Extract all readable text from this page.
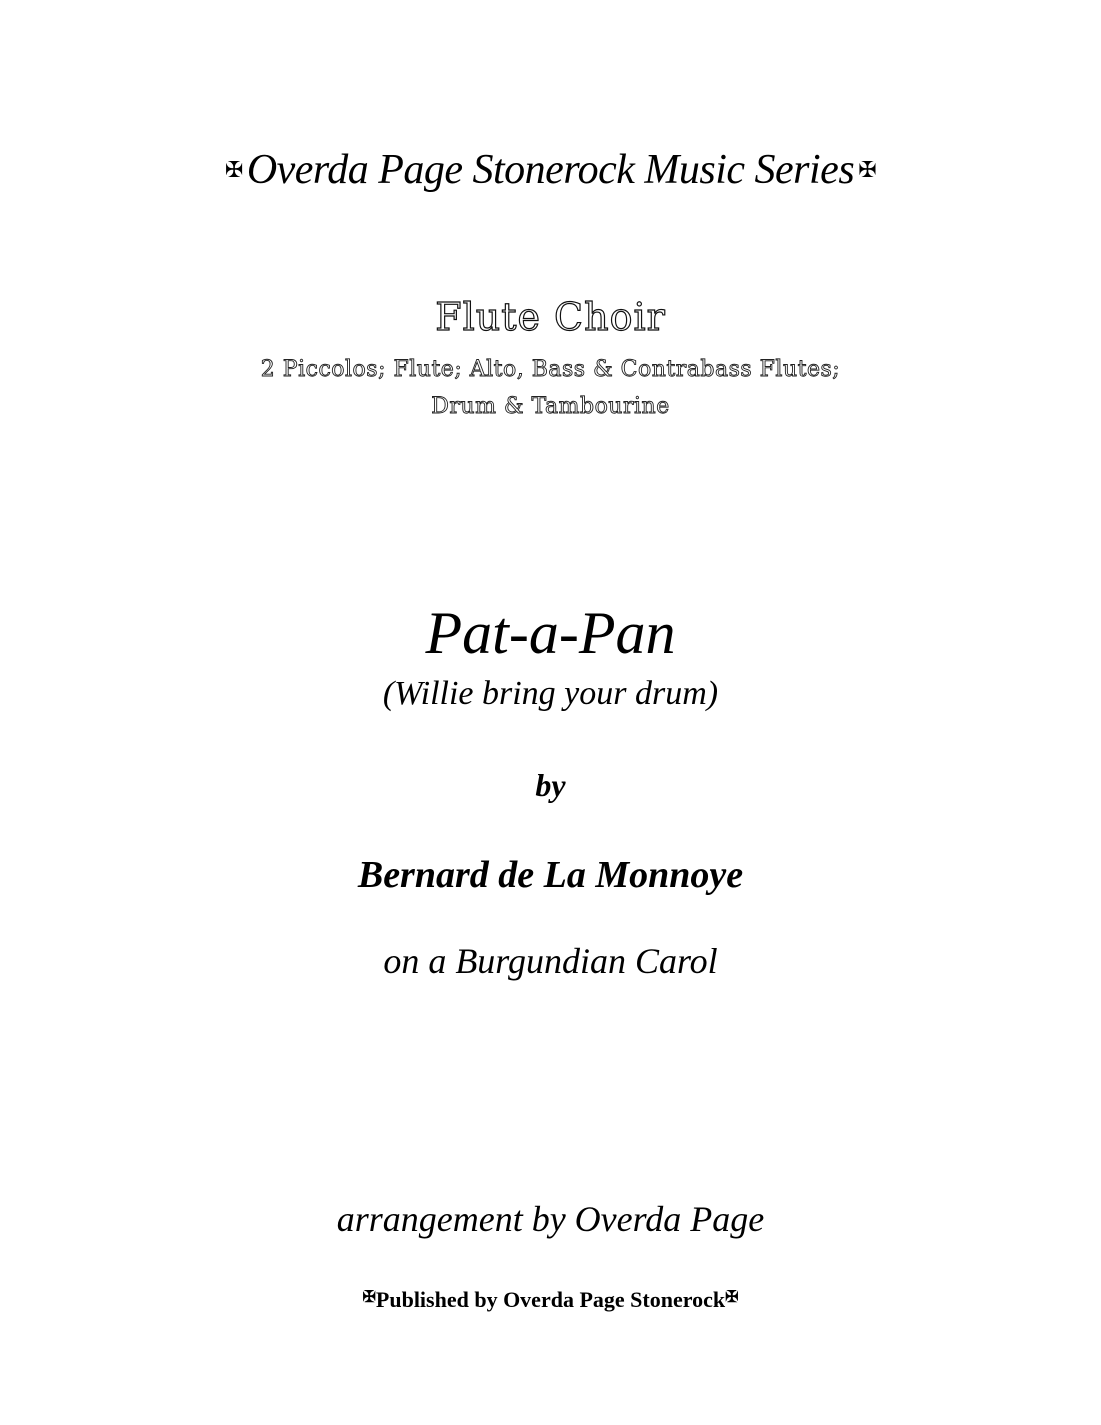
✠Overda Page Stonerock Music Series ✠
Flute Choir
2 Piccolos; Flute; Alto, Bass & Contrabass Flutes;
Drum & Tambourine
Pat-a-Pan
(Willie bring your drum)
by
Bernard de La Monnoye
on a Burgundian Carol
arrangement by Overda Page
✠Published by Overda Page Stonerock✠
